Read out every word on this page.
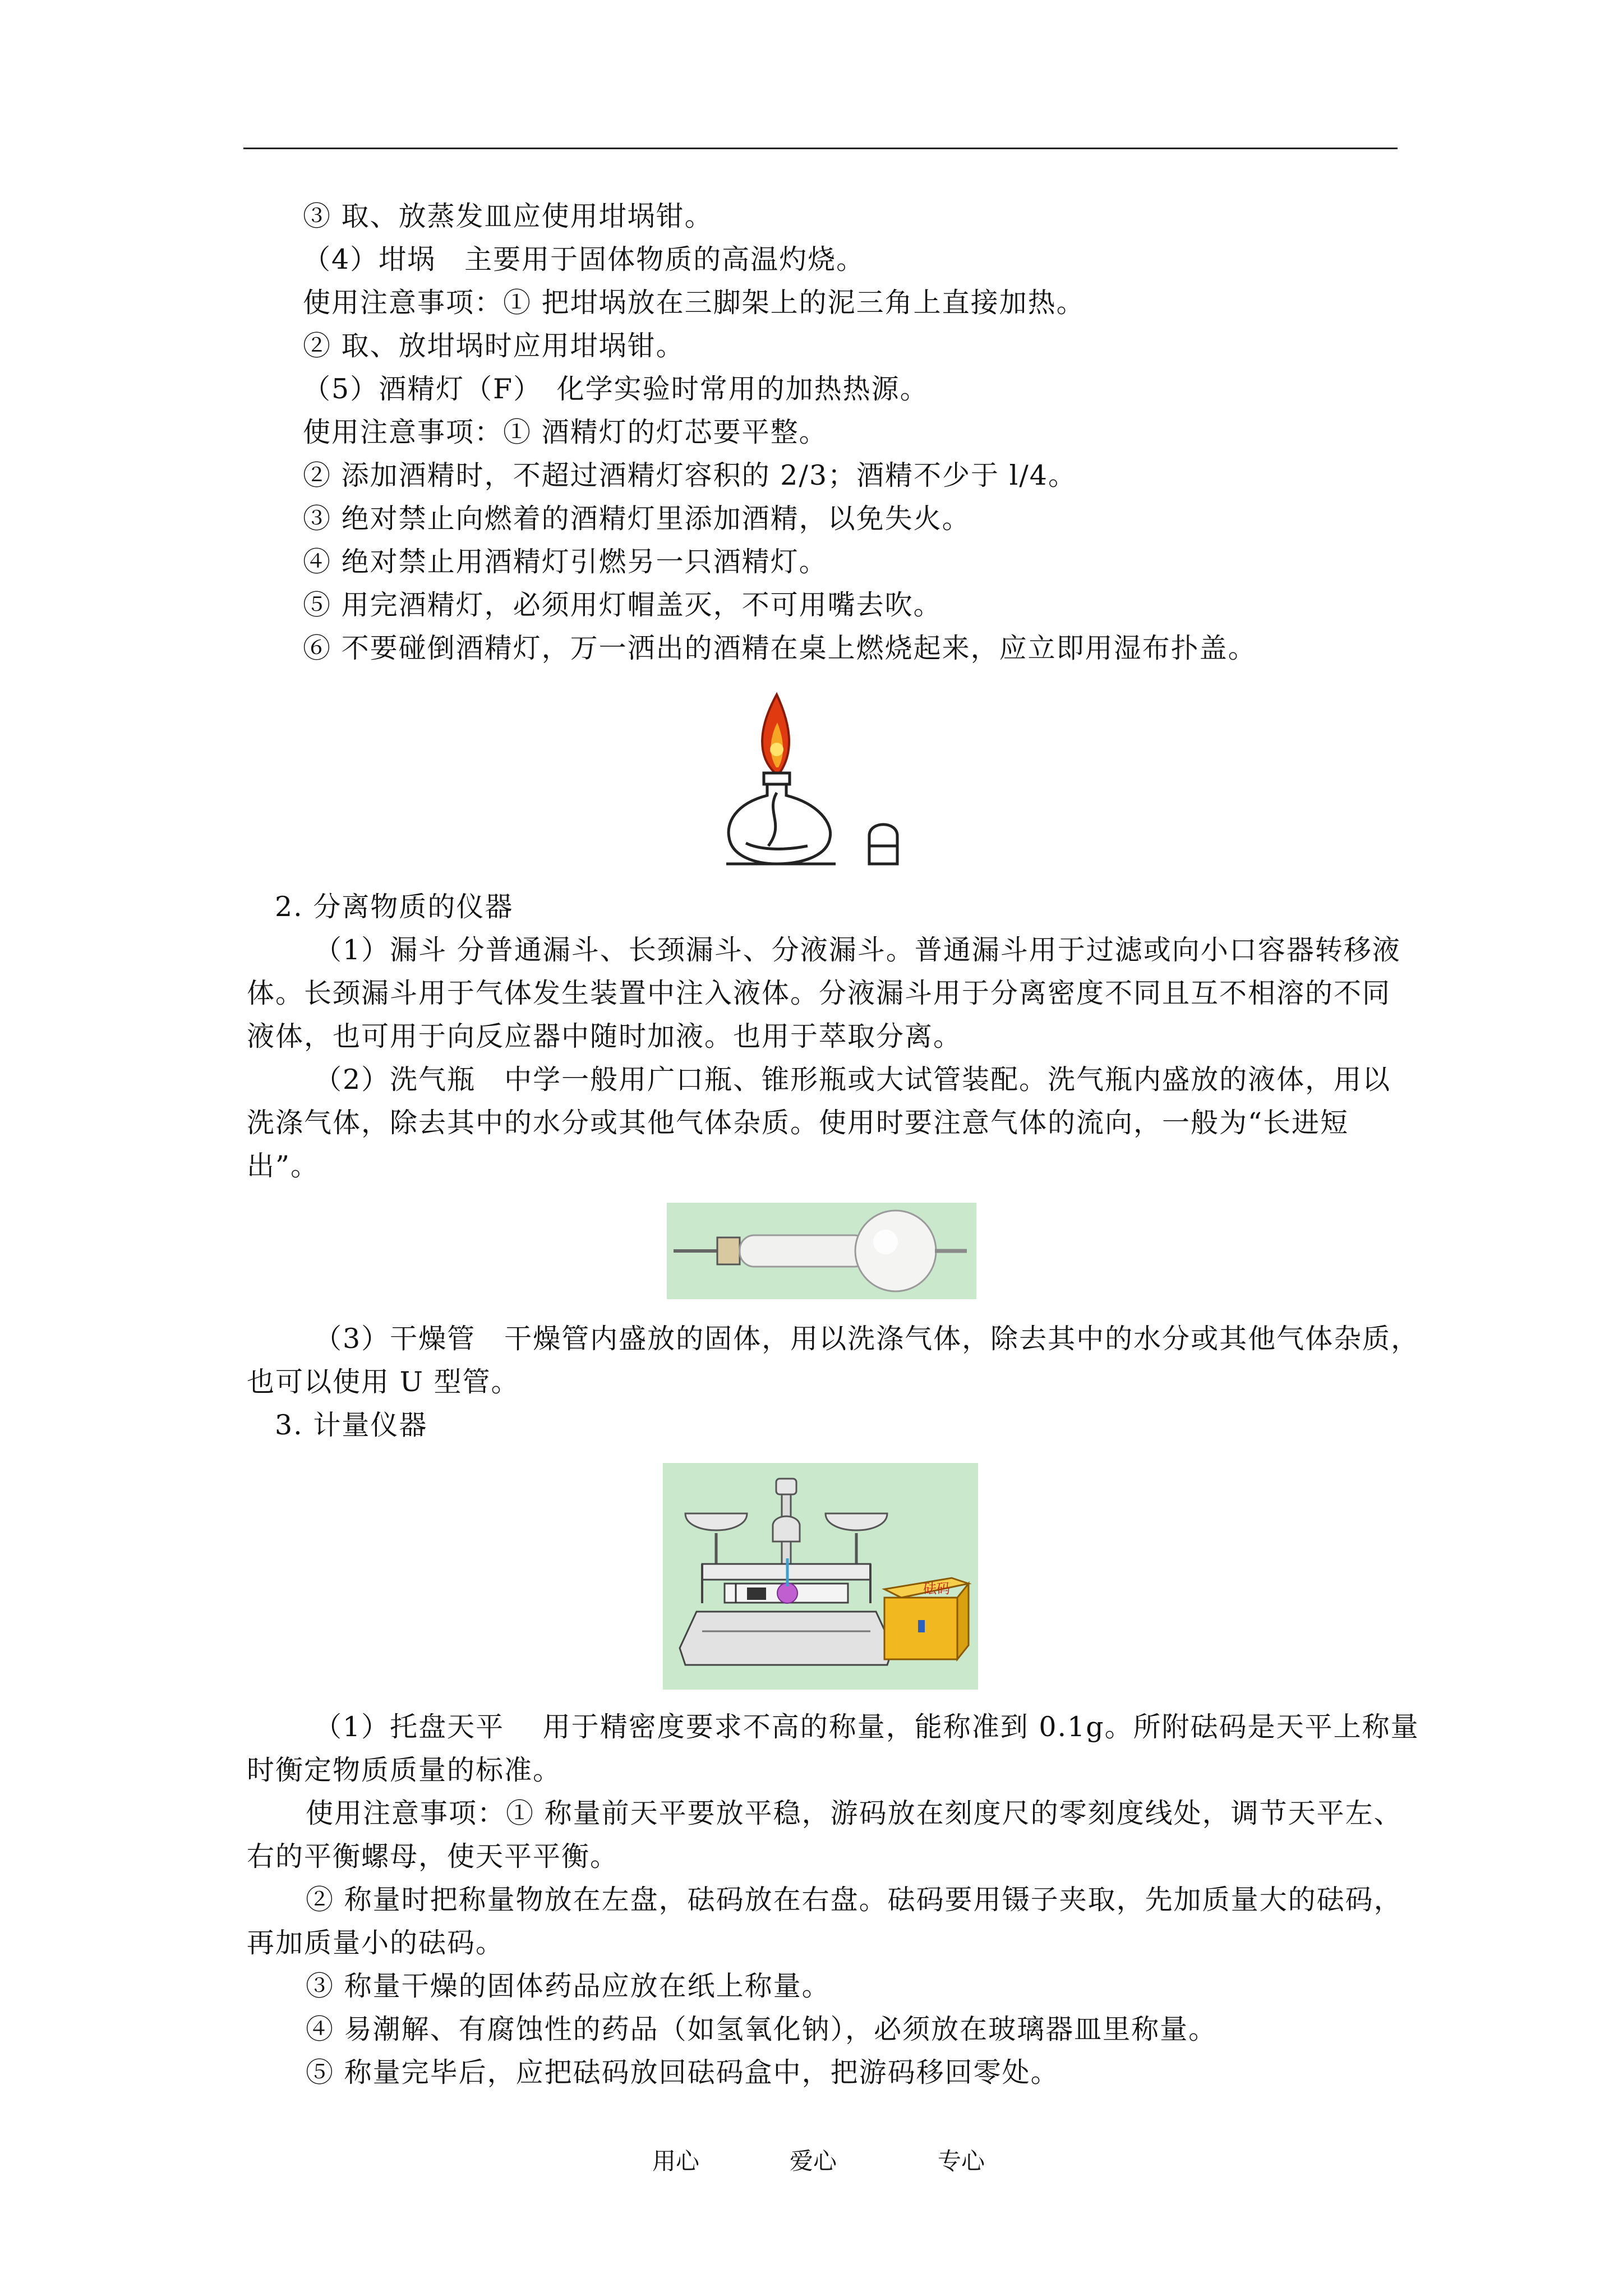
③ 取、放蒸发皿应使用坩埚钳。
（4）坩埚　主要用于固体物质的高温灼烧。
使用注意事项：① 把坩埚放在三脚架上的泥三角上直接加热。
② 取、放坩埚时应用坩埚钳。
（5）酒精灯（F）　化学实验时常用的加热热源。
使用注意事项：① 酒精灯的灯芯要平整。
② 添加酒精时，不超过酒精灯容积的 2/3；酒精不少于 l/4。
③ 绝对禁止向燃着的酒精灯里添加酒精，以免失火。
④ 绝对禁止用酒精灯引燃另一只酒精灯。
⑤ 用完酒精灯，必须用灯帽盖灭，不可用嘴去吹。
⑥ 不要碰倒酒精灯，万一洒出的酒精在桌上燃烧起来，应立即用湿布扑盖。
2. 分离物质的仪器
（1）漏斗 分普通漏斗、长颈漏斗、分液漏斗。普通漏斗用于过滤或向小口容器转移液
体。长颈漏斗用于气体发生装置中注入液体。分液漏斗用于分离密度不同且互不相溶的不同
液体，也可用于向反应器中随时加液。也用于萃取分离。
（2）洗气瓶　中学一般用广口瓶、锥形瓶或大试管装配。洗气瓶内盛放的液体，用以
洗涤气体，除去其中的水分或其他气体杂质。使用时要注意气体的流向，一般为“长进短
出”。
（3）干燥管　干燥管内盛放的固体，用以洗涤气体，除去其中的水分或其他气体杂质，
也可以使用 U 型管。
3. 计量仪器
砝码
（1）托盘天平　 用于精密度要求不高的称量，能称准到 0.1g。所附砝码是天平上称量
时衡定物质质量的标准。
使用注意事项：① 称量前天平要放平稳，游码放在刻度尺的零刻度线处，调节天平左、
右的平衡螺母，使天平平衡。
② 称量时把称量物放在左盘，砝码放在右盘。砝码要用镊子夹取，先加质量大的砝码，
再加质量小的砝码。
③ 称量干燥的固体药品应放在纸上称量。
④ 易潮解、有腐蚀性的药品（如氢氧化钠），必须放在玻璃器皿里称量。
⑤ 称量完毕后，应把砝码放回砝码盒中，把游码移回零处。
用心	爱心	专心
